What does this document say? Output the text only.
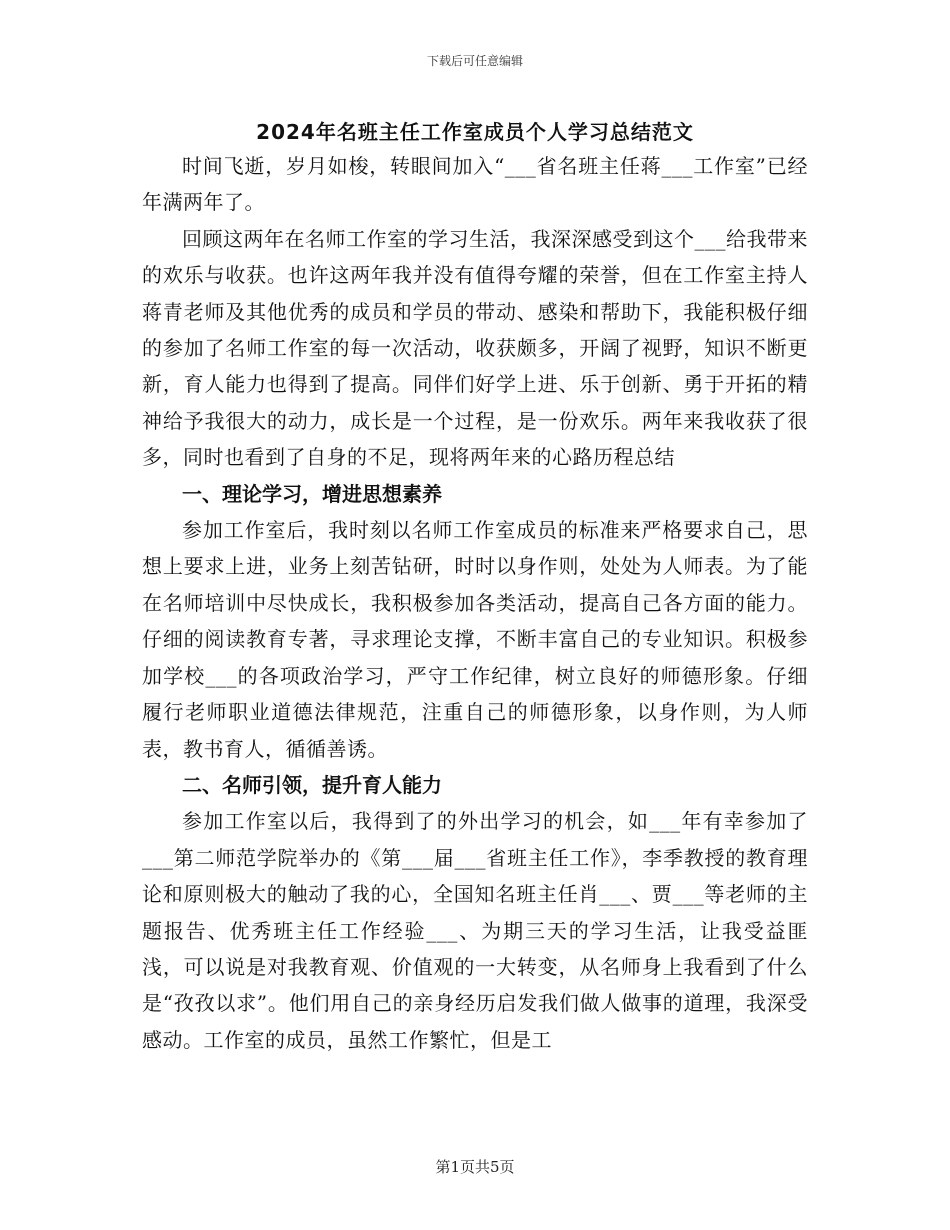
下载后可任意编辑
2024年名班主任工作室成员个人学习总结范文

时间飞逝，岁月如梭，转眼间加入“___省名班主任蒋___工作室”已经年满两年了。

回顾这两年在名师工作室的学习生活，我深深感受到这个___给我带来的欢乐与收获。也许这两年我并没有值得夸耀的荣誉，但在工作室主持人蒋青老师及其他优秀的成员和学员的带动、感染和帮助下，我能积极仔细的参加了名师工作室的每一次活动，收获颇多，开阔了视野，知识不断更新，育人能力也得到了提高。同伴们好学上进、乐于创新、勇于开拓的精神给予我很大的动力，成长是一个过程，是一份欢乐。两年来我收获了很多，同时也看到了自身的不足，现将两年来的心路历程总结

一、理论学习，增进思想素养

参加工作室后，我时刻以名师工作室成员的标准来严格要求自己，思想上要求上进，业务上刻苦钻研，时时以身作则，处处为人师表。为了能在名师培训中尽快成长，我积极参加各类活动，提高自己各方面的能力。仔细的阅读教育专著，寻求理论支撑，不断丰富自己的专业知识。积极参加学校___的各项政治学习，严守工作纪律，树立良好的师德形象。仔细履行老师职业道德法律规范，注重自己的师德形象，以身作则，为人师表，教书育人，循循善诱。

二、名师引领，提升育人能力

参加工作室以后，我得到了的外出学习的机会，如___年有幸参加了___第二师范学院举办的《第___届___省班主任工作》，李季教授的教育理论和原则极大的触动了我的心，全国知名班主任肖___、贾___等老师的主题报告、优秀班主任工作经验___、为期三天的学习生活，让我受益匪浅，可以说是对我教育观、价值观的一大转变，从名师身上我看到了什么是“孜孜以求”。他们用自己的亲身经历启发我们做人做事的道理，我深受感动。工作室的成员，虽然工作繁忙，但是工

第1页共5页
